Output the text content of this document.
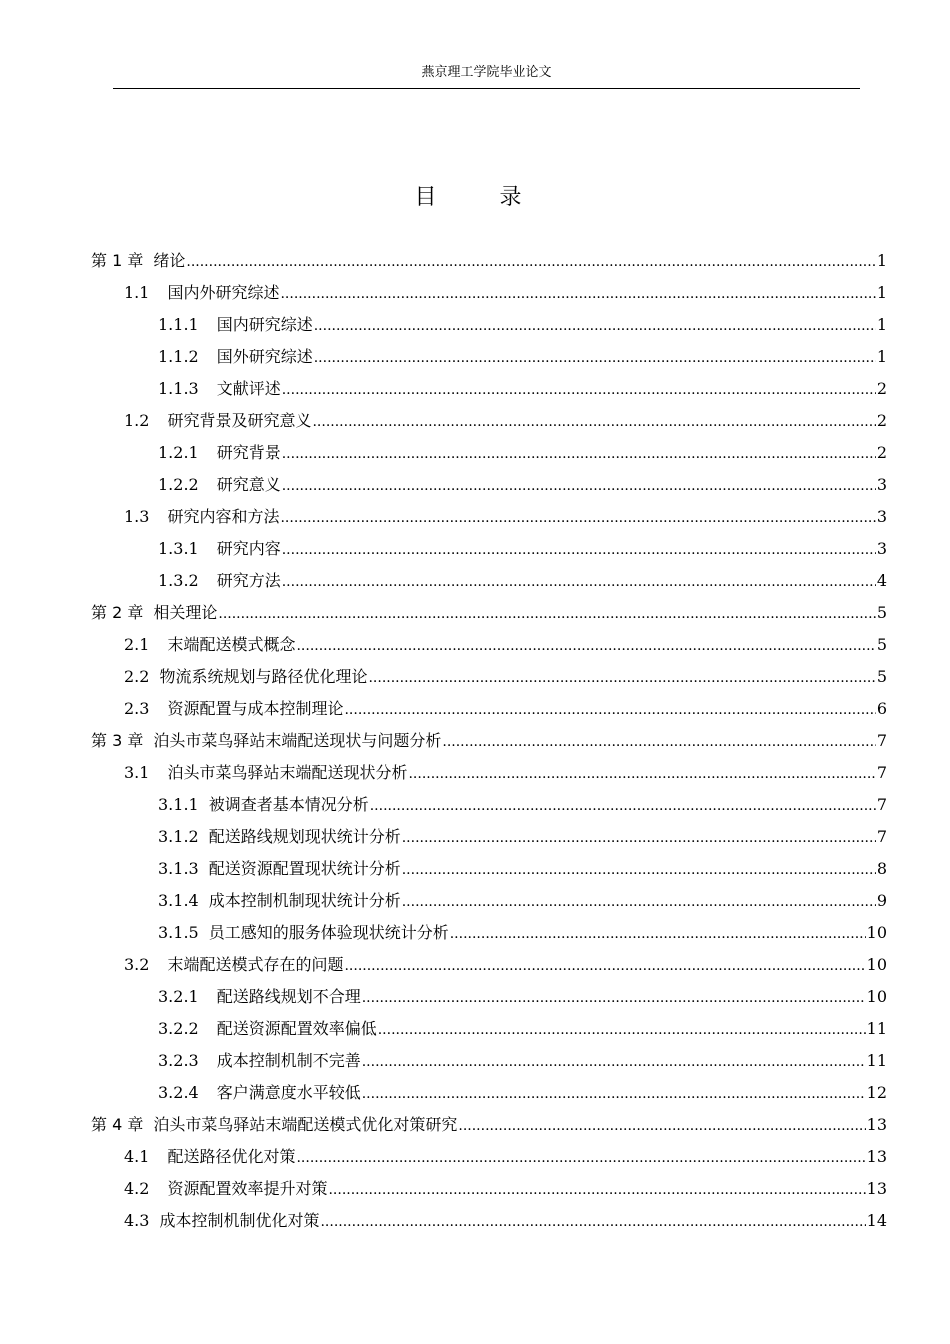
燕京理工学院毕业论文
目 录
第 1 章 绪论 .....	1
1.1 国内外研究综述 .....	1
1.1.1 国内研究综述 .....	1
1.1.2 国外研究综述 .....	1
1.1.3 文献评述 .....	2
1.2 研究背景及研究意义 .....	2
1.2.1 研究背景 .....	2
1.2.2 研究意义 .....	3
1.3 研究内容和方法 .....	3
1.3.1 研究内容 .....	3
1.3.2 研究方法 .....	4
第 2 章 相关理论 .....	5
2.1 末端配送模式概念 .....	5
2.2 物流系统规划与路径优化理论 .....	5
2.3 资源配置与成本控制理论 .....	6
第 3 章 泊头市菜鸟驿站末端配送现状与问题分析 .....	7
3.1 泊头市菜鸟驿站末端配送现状分析 .....	7
3.1.1 被调查者基本情况分析 .....	7
3.1.2 配送路线规划现状统计分析 .....	7
3.1.3 配送资源配置现状统计分析 .....	8
3.1.4 成本控制机制现状统计分析 .....	9
3.1.5 员工感知的服务体验现状统计分析 .....	10
3.2 末端配送模式存在的问题 .....	10
3.2.1 配送路线规划不合理 .....	10
3.2.2 配送资源配置效率偏低 .....	11
3.2.3 成本控制机制不完善 .....	11
3.2.4 客户满意度水平较低 .....	12
第 4 章 泊头市菜鸟驿站末端配送模式优化对策研究 .....	13
4.1 配送路径优化对策 .....	13
4.2 资源配置效率提升对策 .....	13
4.3 成本控制机制优化对策 .....	14
